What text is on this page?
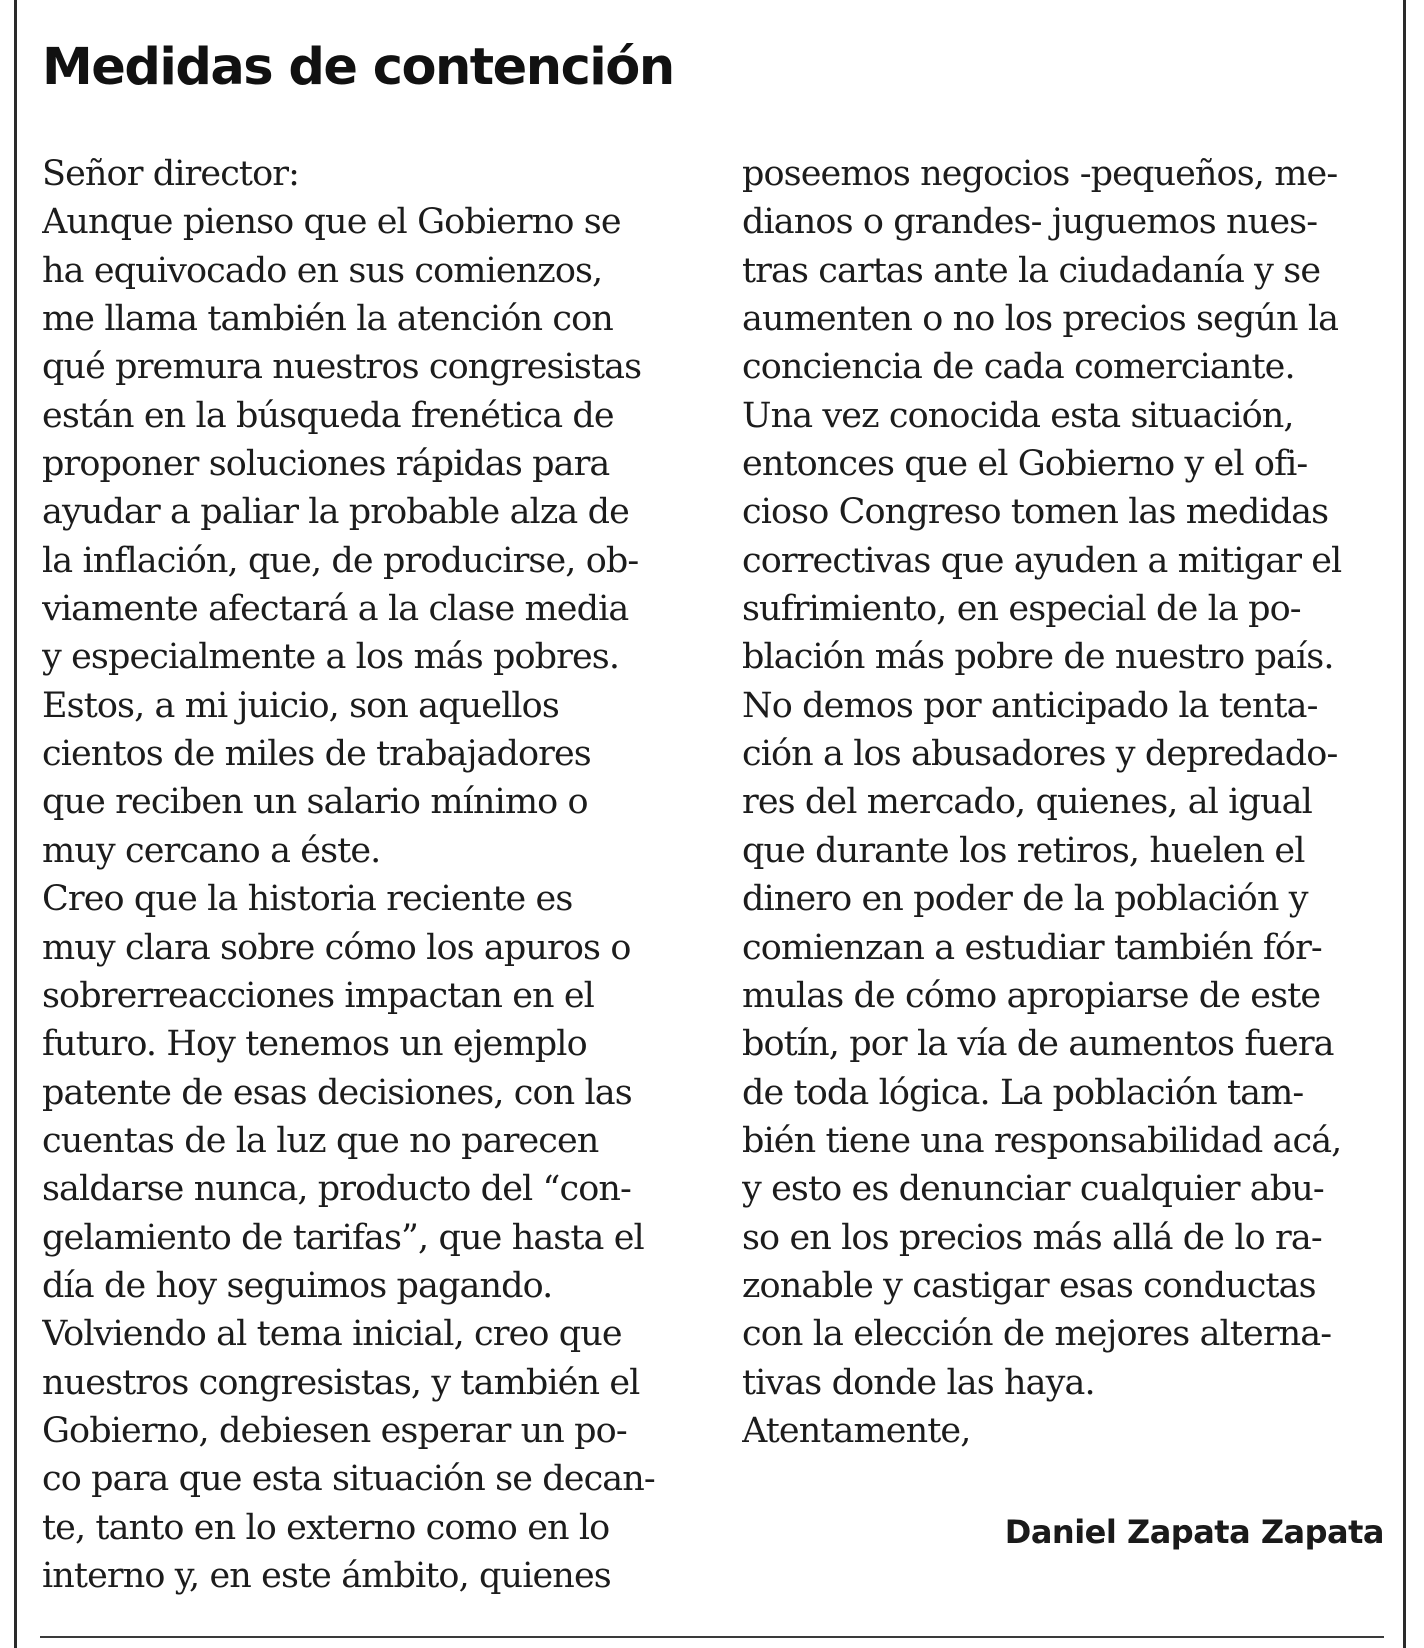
Medidas de contención
Señor director:
Aunque pienso que el Gobierno se
ha equivocado en sus comienzos,
me llama también la atención con
qué premura nuestros congresistas
están en la búsqueda frenética de
proponer soluciones rápidas para
ayudar a paliar la probable alza de
la inflación, que, de producirse, ob-
viamente afectará a la clase media
y especialmente a los más pobres.
Estos, a mi juicio, son aquellos
cientos de miles de trabajadores
que reciben un salario mínimo o
muy cercano a éste.
Creo que la historia reciente es
muy clara sobre cómo los apuros o
sobrerreacciones impactan en el
futuro. Hoy tenemos un ejemplo
patente de esas decisiones, con las
cuentas de la luz que no parecen
saldarse nunca, producto del “con-
gelamiento de tarifas”, que hasta el
día de hoy seguimos pagando.
Volviendo al tema inicial, creo que
nuestros congresistas, y también el
Gobierno, debiesen esperar un po-
co para que esta situación se decan-
te, tanto en lo externo como en lo
interno y, en este ámbito, quienes
poseemos negocios -pequeños, me-
dianos o grandes- juguemos nues-
tras cartas ante la ciudadanía y se
aumenten o no los precios según la
conciencia de cada comerciante.
Una vez conocida esta situación,
entonces que el Gobierno y el ofi-
cioso Congreso tomen las medidas
correctivas que ayuden a mitigar el
sufrimiento, en especial de la po-
blación más pobre de nuestro país.
No demos por anticipado la tenta-
ción a los abusadores y depredado-
res del mercado, quienes, al igual
que durante los retiros, huelen el
dinero en poder de la población y
comienzan a estudiar también fór-
mulas de cómo apropiarse de este
botín, por la vía de aumentos fuera
de toda lógica. La población tam-
bién tiene una responsabilidad acá,
y esto es denunciar cualquier abu-
so en los precios más allá de lo ra-
zonable y castigar esas conductas
con la elección de mejores alterna-
tivas donde las haya.
Atentamente,
Daniel Zapata Zapata
